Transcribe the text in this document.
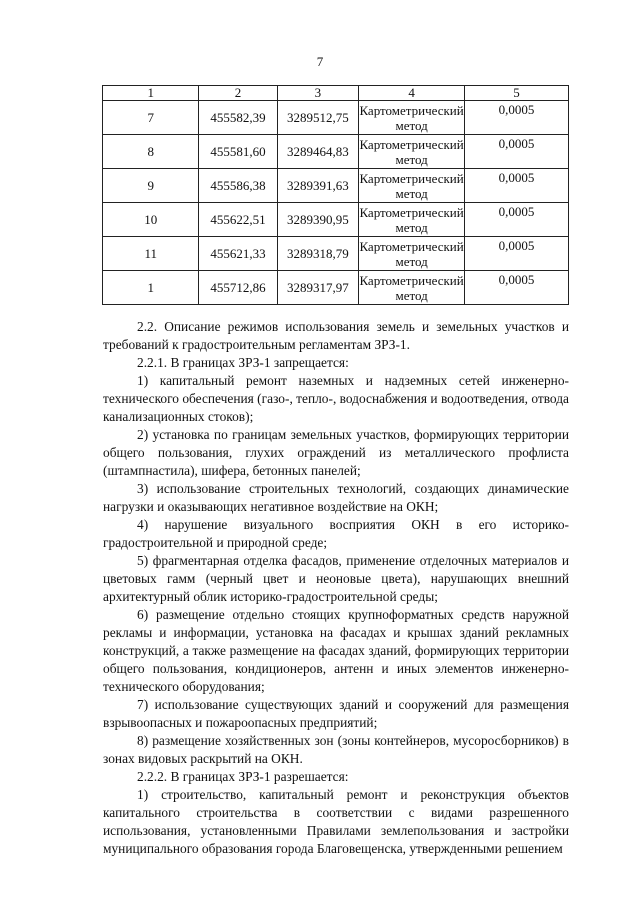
7
1	2	3	4	5
7	455582,39	3289512,75	Картометрический метод	0,0005
8	455581,60	3289464,83	Картометрический метод	0,0005
9	455586,38	3289391,63	Картометрический метод	0,0005
10	455622,51	3289390,95	Картометрический метод	0,0005
11	455621,33	3289318,79	Картометрический метод	0,0005
1	455712,86	3289317,97	Картометрический метод	0,0005

2.2. Описание режимов использования земель и земельных участков и требований к градостроительным регламентам ЗРЗ-1.

2.2.1. В границах ЗРЗ-1 запрещается:

1) капитальный ремонт наземных и надземных сетей инженерно-технического обеспечения (газо-, тепло-, водоснабжения и водоотведения, отвода канализационных стоков);

2) установка по границам земельных участков, формирующих территории общего пользования, глухих ограждений из металлического профлиста (штампнастила), шифера, бетонных панелей;

3) использование строительных технологий, создающих динамические нагрузки и оказывающих негативное воздействие на ОКН;

4) нарушение визуального восприятия ОКН в его историко-градостроительной и природной среде;

5) фрагментарная отделка фасадов, применение отделочных материалов и цветовых гамм (черный цвет и неоновые цвета), нарушающих внешний архитектурный облик историко-градостроительной среды;

6) размещение отдельно стоящих крупноформатных средств наружной рекламы и информации, установка на фасадах и крышах зданий рекламных конструкций, а также размещение на фасадах зданий, формирующих территории общего пользования, кондиционеров, антенн и иных элементов инженерно-технического оборудования;

7) использование существующих зданий и сооружений для размещения взрывоопасных и пожароопасных предприятий;

8) размещение хозяйственных зон (зоны контейнеров, мусоросборников) в зонах видовых раскрытий на ОКН.

2.2.2. В границах ЗРЗ-1 разрешается:

1) строительство, капитальный ремонт и реконструкция объектов капитального строительства в соответствии с видами разрешенного использования, установленными Правилами землепользования и застройки муниципального образования города Благовещенска, утвержденными решением
